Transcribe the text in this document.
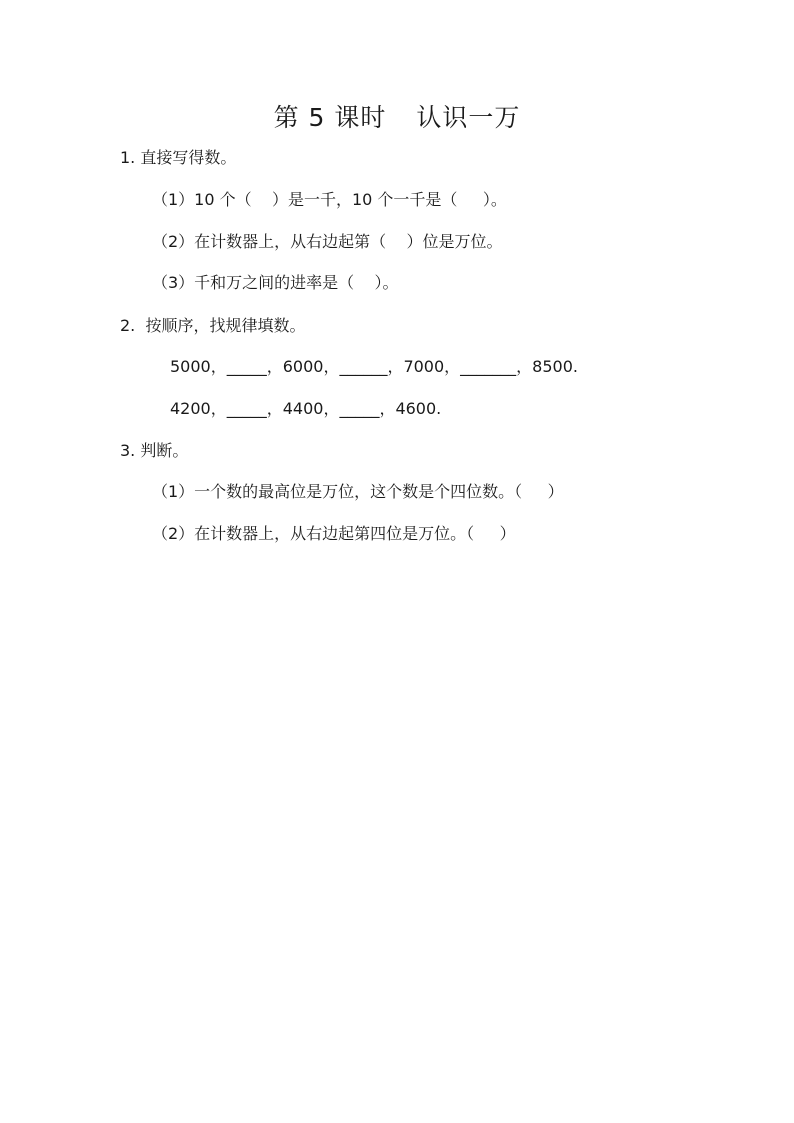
第 5 课时 认识一万
1. 直接写得数。
（1）10 个（    ）是一千，10 个一千是（     ）。
（2）在计数器上，从右边起第（    ）位是万位。
（3）千和万之间的进率是（    ）。
2.  按顺序，找规律填数。
5000，_____，6000，______，7000，_______，8500.
4200，_____，4400，_____，4600.
3. 判断。
（1）一个数的最高位是万位，这个数是个四位数。（     ）
（2）在计数器上，从右边起第四位是万位。（     ）
